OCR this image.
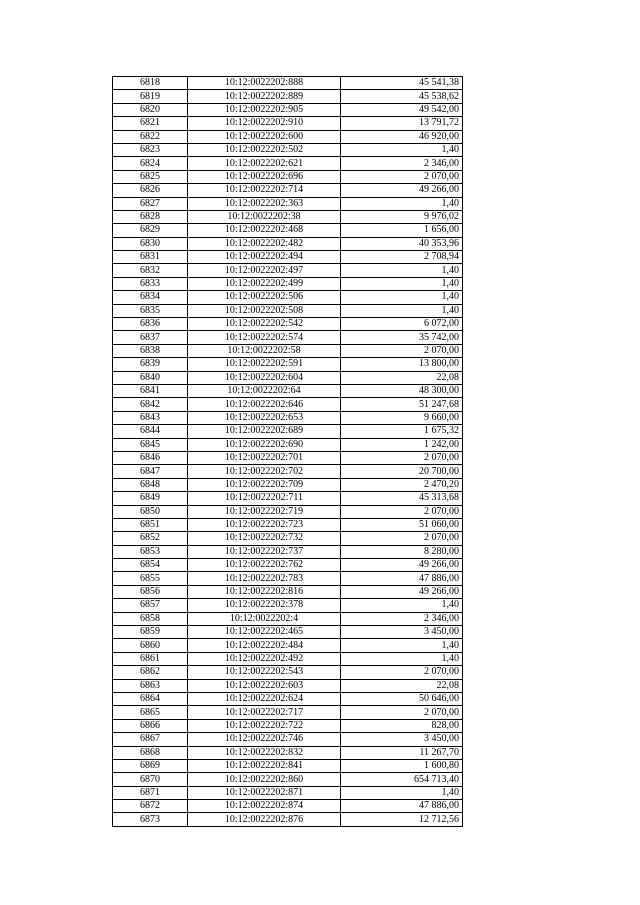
6818	10:12:0022202:888	45 541,38
6819	10:12:0022202:889	45 538,62
6820	10:12:0022202:905	49 542,00
6821	10:12:0022202:910	13 791,72
6822	10:12:0022202:600	46 920,00
6823	10:12:0022202:502	1,40
6824	10:12:0022202:621	2 346,00
6825	10:12:0022202:696	2 070,00
6826	10:12:0022202:714	49 266,00
6827	10:12:0022202:363	1,40
6828	10:12:0022202:38	9 976,02
6829	10:12:0022202:468	1 656,00
6830	10:12:0022202:482	40 353,96
6831	10:12:0022202:494	2 708,94
6832	10:12:0022202:497	1,40
6833	10:12:0022202:499	1,40
6834	10:12:0022202:506	1,40
6835	10:12:0022202:508	1,40
6836	10:12:0022202:542	6 072,00
6837	10:12:0022202:574	35 742,00
6838	10:12:0022202:58	2 070,00
6839	10:12:0022202:591	13 800,00
6840	10:12:0022202:604	22,08
6841	10:12:0022202:64	48 300,00
6842	10:12:0022202:646	51 247,68
6843	10:12:0022202:653	9 660,00
6844	10:12:0022202:689	1 675,32
6845	10:12:0022202:690	1 242,00
6846	10:12:0022202:701	2 070,00
6847	10:12:0022202:702	20 700,00
6848	10:12:0022202:709	2 470,20
6849	10:12:0022202:711	45 313,68
6850	10:12:0022202:719	2 070,00
6851	10:12:0022202:723	51 060,00
6852	10:12:0022202:732	2 070,00
6853	10:12:0022202:737	8 280,00
6854	10:12:0022202:762	49 266,00
6855	10:12:0022202:783	47 886,00
6856	10:12:0022202:816	49 266,00
6857	10:12:0022202:378	1,40
6858	10:12:0022202:4	2 346,00
6859	10:12:0022202:465	3 450,00
6860	10:12:0022202:484	1,40
6861	10:12:0022202:492	1,40
6862	10:12:0022202:543	2 070,00
6863	10:12:0022202:603	22,08
6864	10:12:0022202:624	50 646,00
6865	10:12:0022202:717	2 070,00
6866	10:12:0022202:722	828,00
6867	10:12:0022202:746	3 450,00
6868	10:12:0022202:832	11 267,70
6869	10:12:0022202:841	1 600,80
6870	10:12:0022202:860	654 713,40
6871	10:12:0022202:871	1,40
6872	10:12:0022202:874	47 886,00
6873	10:12:0022202:876	12 712,56
